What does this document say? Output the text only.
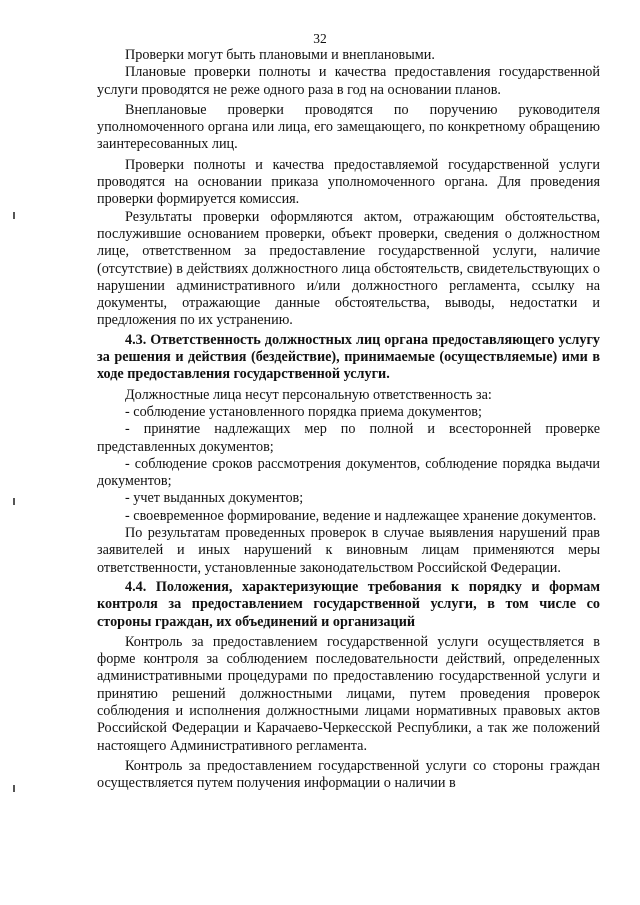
32

Проверки могут быть плановыми и внеплановыми.

Плановые проверки полноты и качества предоставления государственной услуги проводятся не реже одного раза в год на основании планов.

Внеплановые проверки проводятся по поручению руководителя уполномоченного органа или лица, его замещающего, по конкретному обращению заинтересованных лиц.

Проверки полноты и качества предоставляемой государственной услуги проводятся на основании приказа уполномоченного органа. Для проведения проверки формируется комиссия.

Результаты проверки оформляются актом, отражающим обстоятельства, послужившие основанием проверки, объект проверки, сведения о должностном лице, ответственном за предоставление государственной услуги, наличие (отсутствие) в действиях должностного лица обстоятельств, свидетельствующих о нарушении административного и/или должностного регламента, ссылку на документы, отражающие данные обстоятельства, выводы, недостатки и предложения по их устранению.

4.3. Ответственность должностных лиц органа предоставляющего услугу за решения и действия (бездействие), принимаемые (осуществляемые) ими в ходе предоставления государственной услуги.

Должностные лица несут персональную ответственность за:

- соблюдение установленного порядка приема документов;

- принятие надлежащих мер по полной и всесторонней проверке представленных документов;

- соблюдение сроков рассмотрения документов, соблюдение порядка выдачи документов;

- учет выданных документов;

- своевременное формирование, ведение и надлежащее хранение документов.

По результатам проведенных проверок в случае выявления нарушений прав заявителей и иных нарушений к виновным лицам применяются меры ответственности, установленные законодательством Российской Федерации.

4.4. Положения, характеризующие требования к порядку и формам контроля за предоставлением государственной услуги, в том числе со стороны граждан, их объединений и организаций

Контроль за предоставлением государственной услуги осуществляется в форме контроля за соблюдением последовательности действий, определенных административными процедурами по предоставлению государственной услуги и принятию решений должностными лицами, путем проведения проверок соблюдения и исполнения должностными лицами нормативных правовых актов Российской Федерации и Карачаево-Черкесской Республики, а так же положений настоящего Административного регламента.

Контроль за предоставлением государственной услуги со стороны граждан осуществляется путем получения информации о наличии в
